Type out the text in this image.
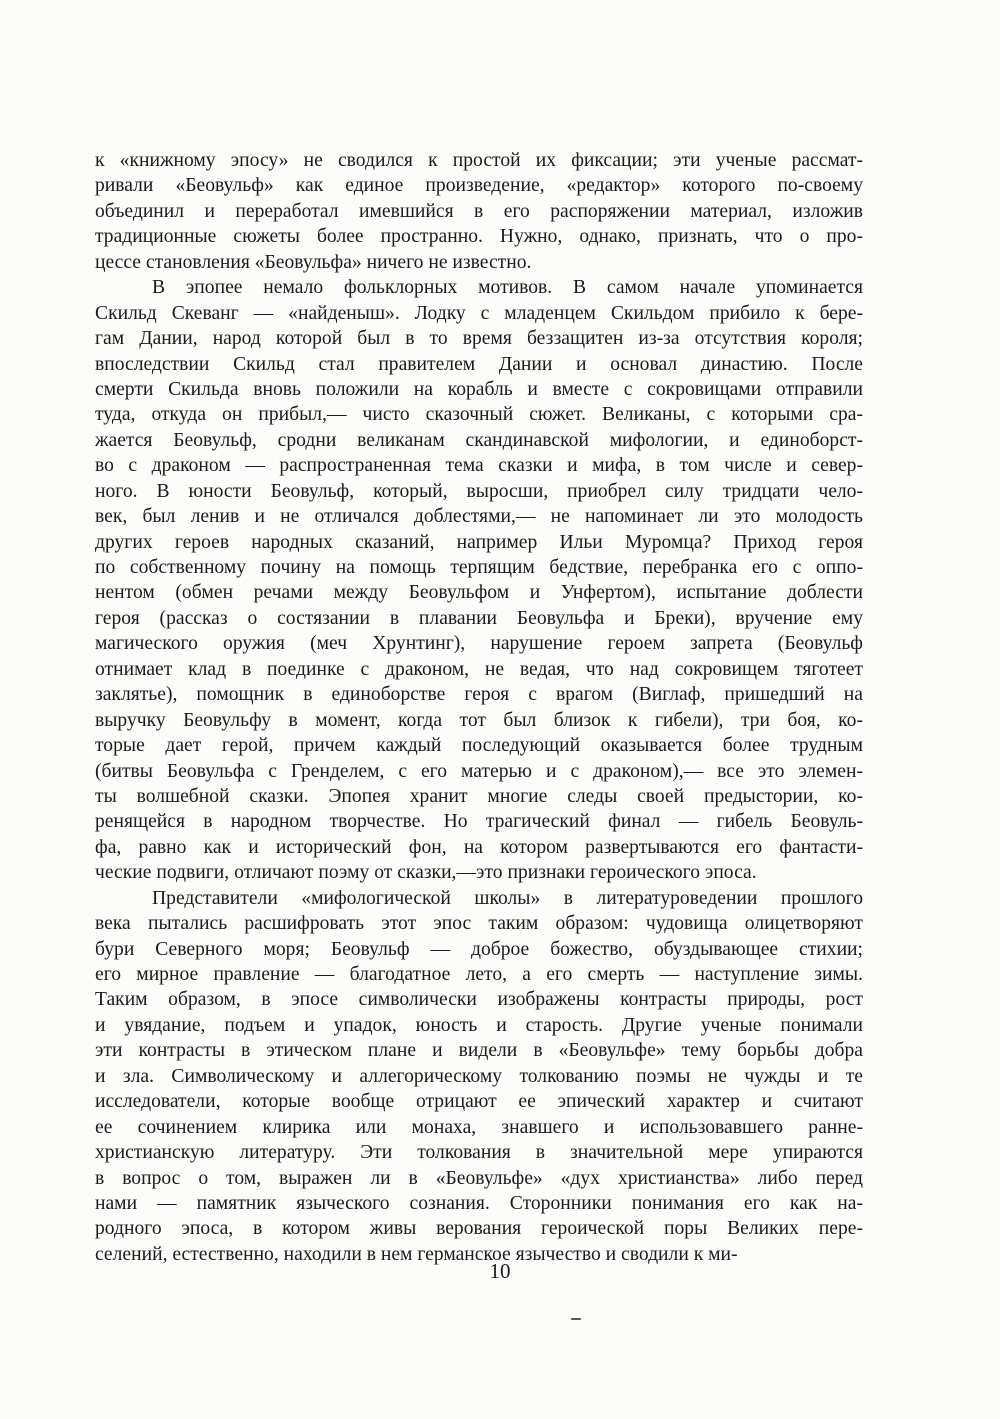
к «книжному эпосу» не сводился к простой их фиксации; эти ученые рассмат-
ривали «Беовульф» как единое произведение, «редактор» которого по-своему
объединил и переработал имевшийся в его распоряжении материал, изложив
традиционные сюжеты более пространно. Нужно, однако, признать, что о про-
цессе становления «Беовульфа» ничего не известно.
В эпопее немало фольклорных мотивов. В самом начале упоминается
Скильд Скеванг — «найденыш». Лодку с младенцем Скильдом прибило к бере-
гам Дании, народ которой был в то время беззащитен из-за отсутствия короля;
впоследствии Скильд стал правителем Дании и основал династию. После
смерти Скильда вновь положили на корабль и вместе с сокровищами отправили
туда, откуда он прибыл,— чисто сказочный сюжет. Великаны, с которыми сра-
жается Беовульф, сродни великанам скандинавской мифологии, и единоборст-
во с драконом — распространенная тема сказки и мифа, в том числе и север-
ного. В юности Беовульф, который, выросши, приобрел силу тридцати чело-
век, был ленив и не отличался доблестями,— не напоминает ли это молодость
других героев народных сказаний, например Ильи Муромца? Приход героя
по собственному почину на помощь терпящим бедствие, перебранка его с оппо-
нентом (обмен речами между Беовульфом и Унфертом), испытание доблести
героя (рассказ о состязании в плавании Беовульфа и Бреки), вручение ему
магического оружия (меч Хрунтинг), нарушение героем запрета (Беовульф
отнимает клад в поединке с драконом, не ведая, что над сокровищем тяготеет
заклятье), помощник в единоборстве героя с врагом (Виглаф, пришедший на
выручку Беовульфу в момент, когда тот был близок к гибели), три боя, ко-
торые дает герой, причем каждый последующий оказывается более трудным
(битвы Беовульфа с Гренделем, с его матерью и с драконом),— все это элемен-
ты волшебной сказки. Эпопея хранит многие следы своей предыстории, ко-
ренящейся в народном творчестве. Но трагический финал — гибель Беовуль-
фа, равно как и исторический фон, на котором развертываются его фантасти-
ческие подвиги, отличают поэму от сказки,—это признаки героического эпоса.
Представители «мифологической школы» в литературоведении прошлого
века пытались расшифровать этот эпос таким образом: чудовища олицетворяют
бури Северного моря; Беовульф — доброе божество, обуздывающее стихии;
его мирное правление — благодатное лето, а его смерть — наступление зимы.
Таким образом, в эпосе символически изображены контрасты природы, рост
и увядание, подъем и упадок, юность и старость. Другие ученые понимали
эти контрасты в этическом плане и видели в «Беовульфе» тему борьбы добра
и зла. Символическому и аллегорическому толкованию поэмы не чужды и те
исследователи, которые вообще отрицают ее эпический характер и считают
ее сочинением клирика или монаха, знавшего и использовавшего ранне-
христианскую литературу. Эти толкования в значительной мере упираются
в вопрос о том, выражен ли в «Беовульфе» «дух христианства» либо перед
нами — памятник языческого сознания. Сторонники понимания его как на-
родного эпоса, в котором живы верования героической поры Великих пере-
селений, естественно, находили в нем германское язычество и сводили к ми-
10
